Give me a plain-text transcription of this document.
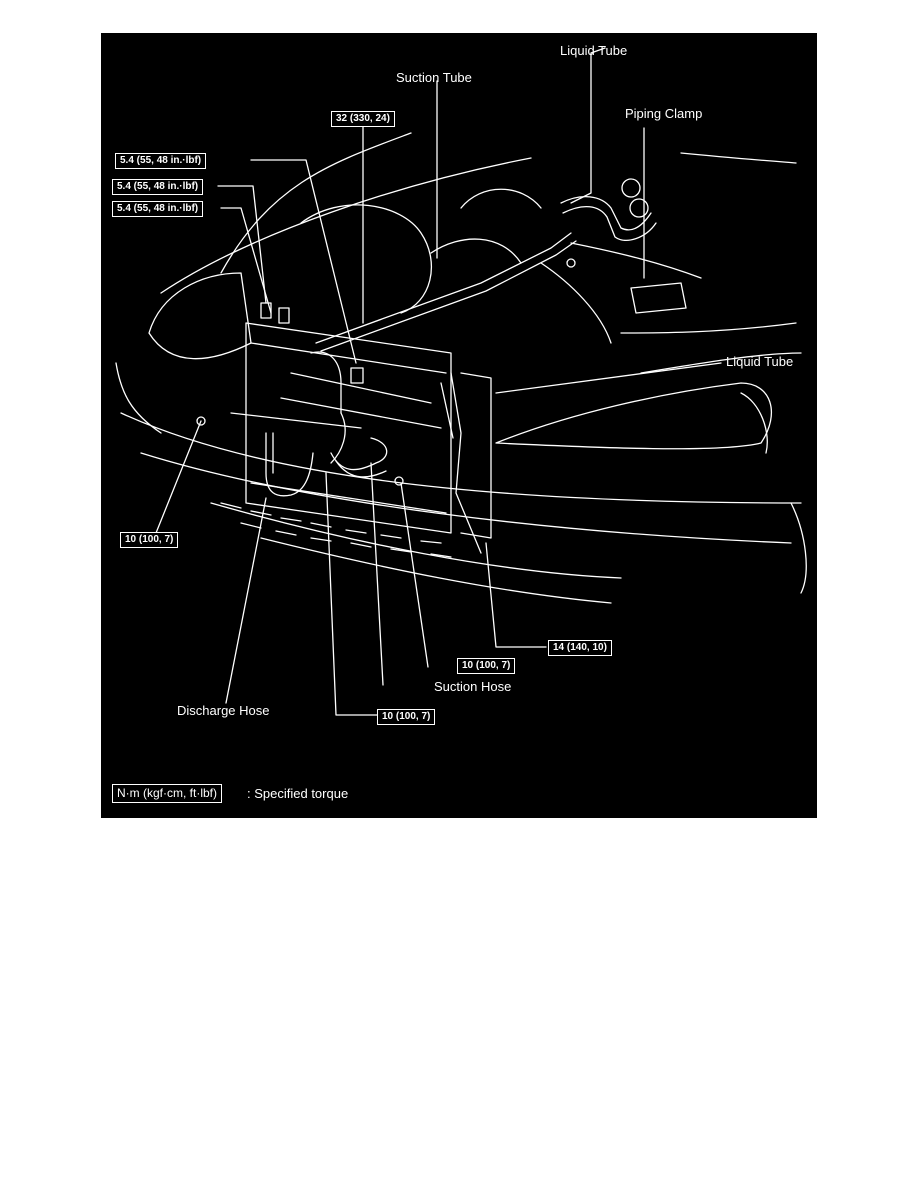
Liquid Tube
Suction Tube
Piping Clamp
Liquid Tube
Suction Hose
Discharge Hose
32 (330, 24)
5.4 (55, 48 in.·lbf)
5.4 (55, 48 in.·lbf)
5.4 (55, 48 in.·lbf)
10 (100, 7)
14 (140, 10)
10 (100, 7)
10 (100, 7)
N·m (kgf·cm, ft·lbf)	: Specified torque
